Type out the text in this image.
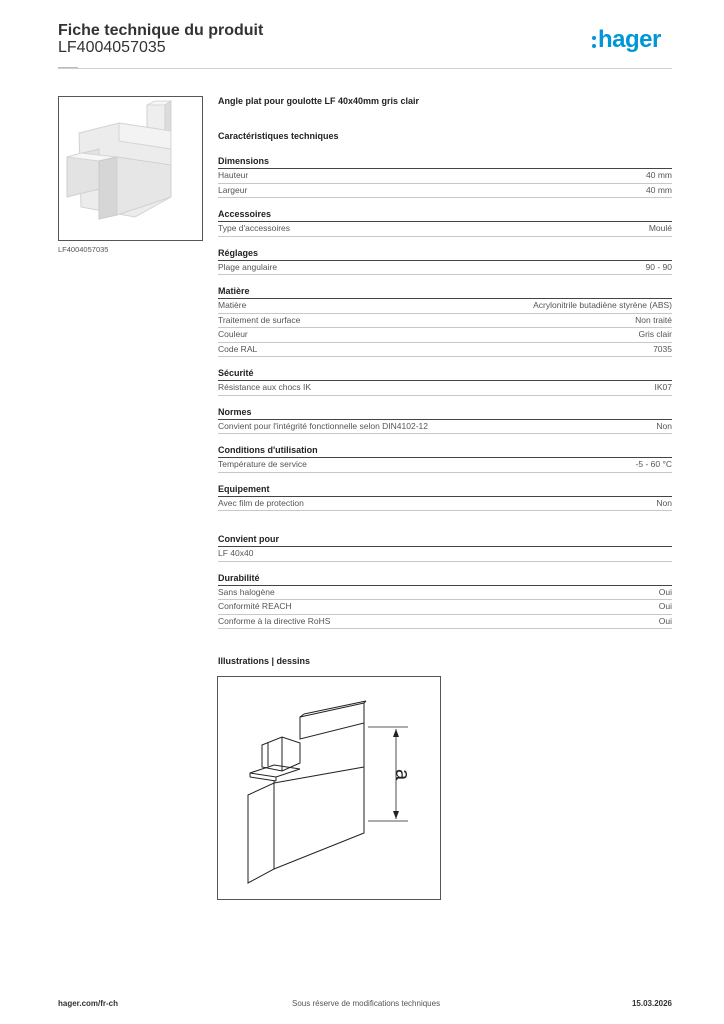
Fiche technique du produit
LF4004057035	hager
LF4004057035
Angle plat pour goulotte LF 40x40mm gris clair
Caractéristiques techniques
Dimensions
Hauteur	40 mm
Largeur	40 mm
Accessoires
Type d'accessoires	Moulé
Réglages
Plage angulaire	90 - 90
Matière
Matière	Acrylonitrile butadiène styrène (ABS)
Traitement de surface	Non traité
Couleur	Gris clair
Code RAL	7035
Sécurité
Résistance aux chocs IK	IK07
Normes
Convient pour l'intégrité fonctionnelle selon DIN4102-12	Non
Conditions d'utilisation
Température de service	-5 - 60 °C
Equipement
Avec film de protection	Non
Convient pour
LF 40x40
Durabilité
Sans halogène	Oui
Conformité REACH	Oui
Conforme à la directive RoHS	Oui
Illustrations | dessins
a
hager.com/fr-ch	Sous réserve de modifications techniques	15.03.2026
